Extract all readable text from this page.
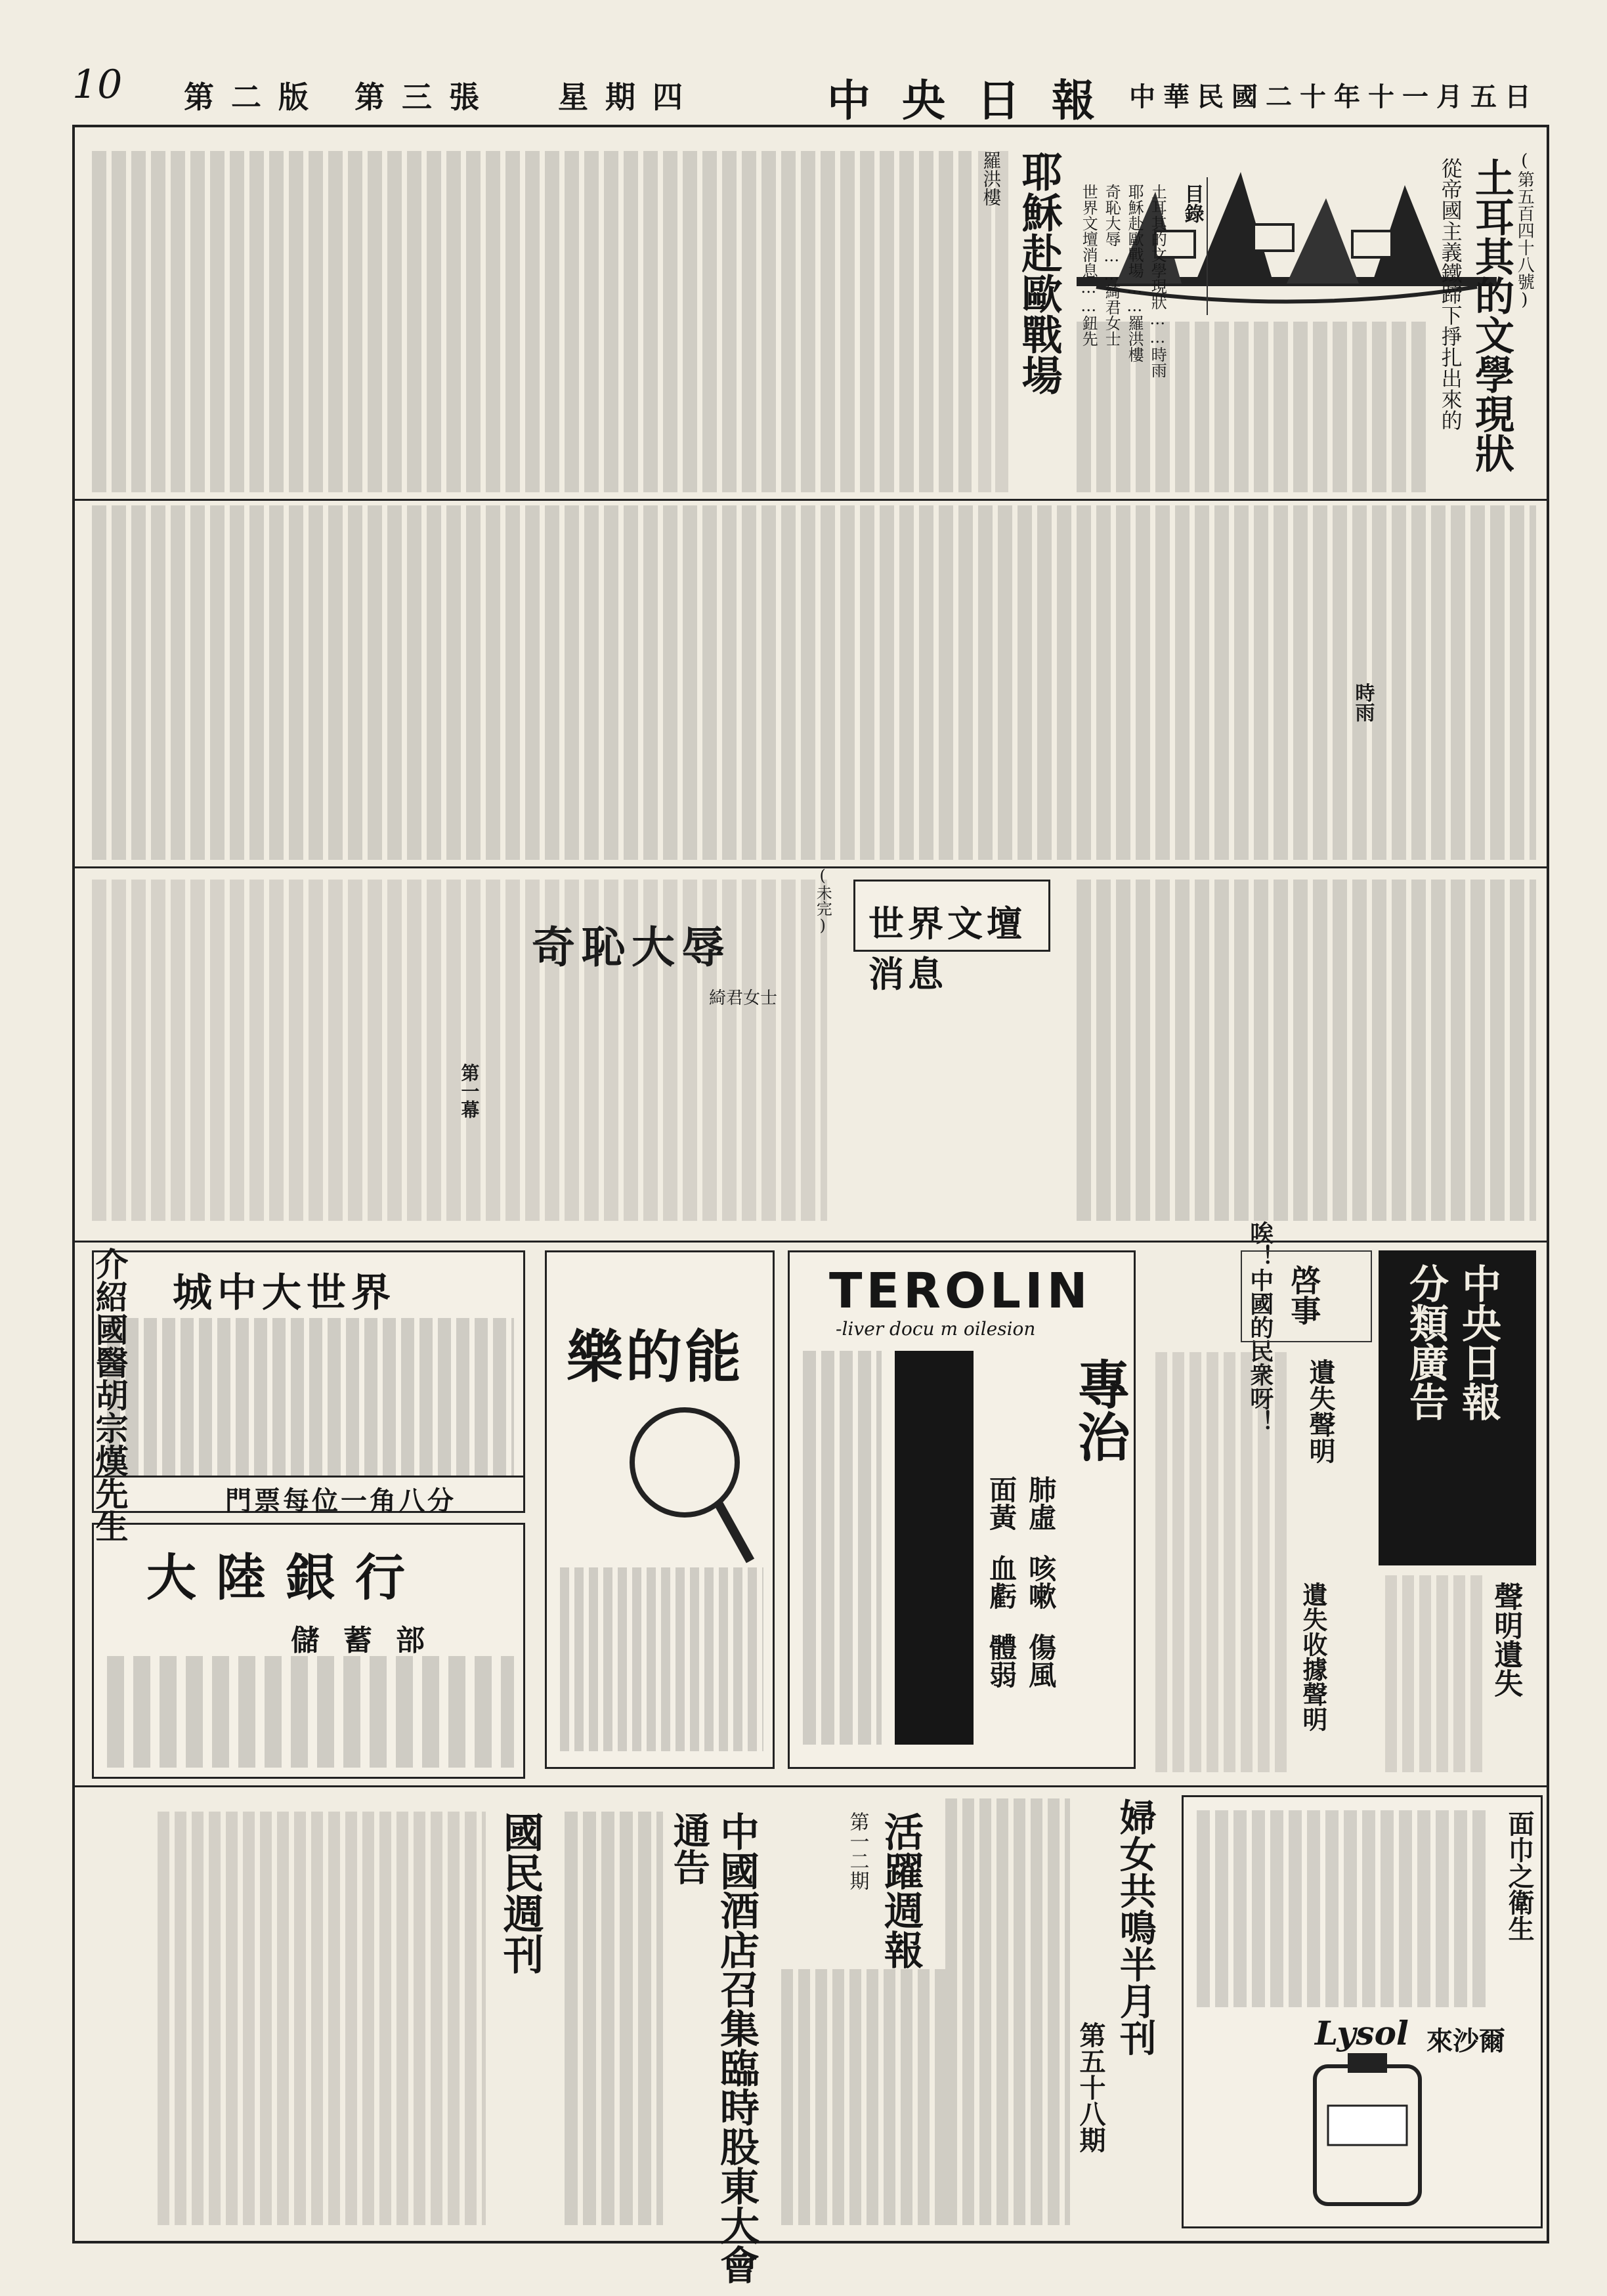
10 第二版 第三張 星期四	中央日報 中華民國二十年十一月五日
(第五百四十八號)
目錄
土耳其的文學現狀……時雨
耶穌赴歐戰場……羅洪樓
奇恥大辱……綺君女士
世界文壇消息……鈕先	土耳其的文學現狀
從帝國主義鐵蹄下掙扎出來的
時雨
耶穌赴歐戰場
羅洪樓
世界文壇消息
唉！中國的民衆呀！
奇恥大辱
綺君女士
第一幕
(未完)
中央日報
分類廣告
啓事
遺失聲明
遺失收據聲明	聲明遺失
TEROLIN
-liver docu m oilesion
專治
肺虛
咳嗽
傷風
面黃
血虧
體弱
樂的能
城中大世界
門票每位一角八分
大陸銀行
儲 蓄 部
介紹國醫胡宗熯先生
面巾之衛生
Lysol 來沙爾
婦女共鳴半月刊
第五十八期
活躍週報
第一二期
中國酒店召集臨時股東大會
通告
國民週刊
